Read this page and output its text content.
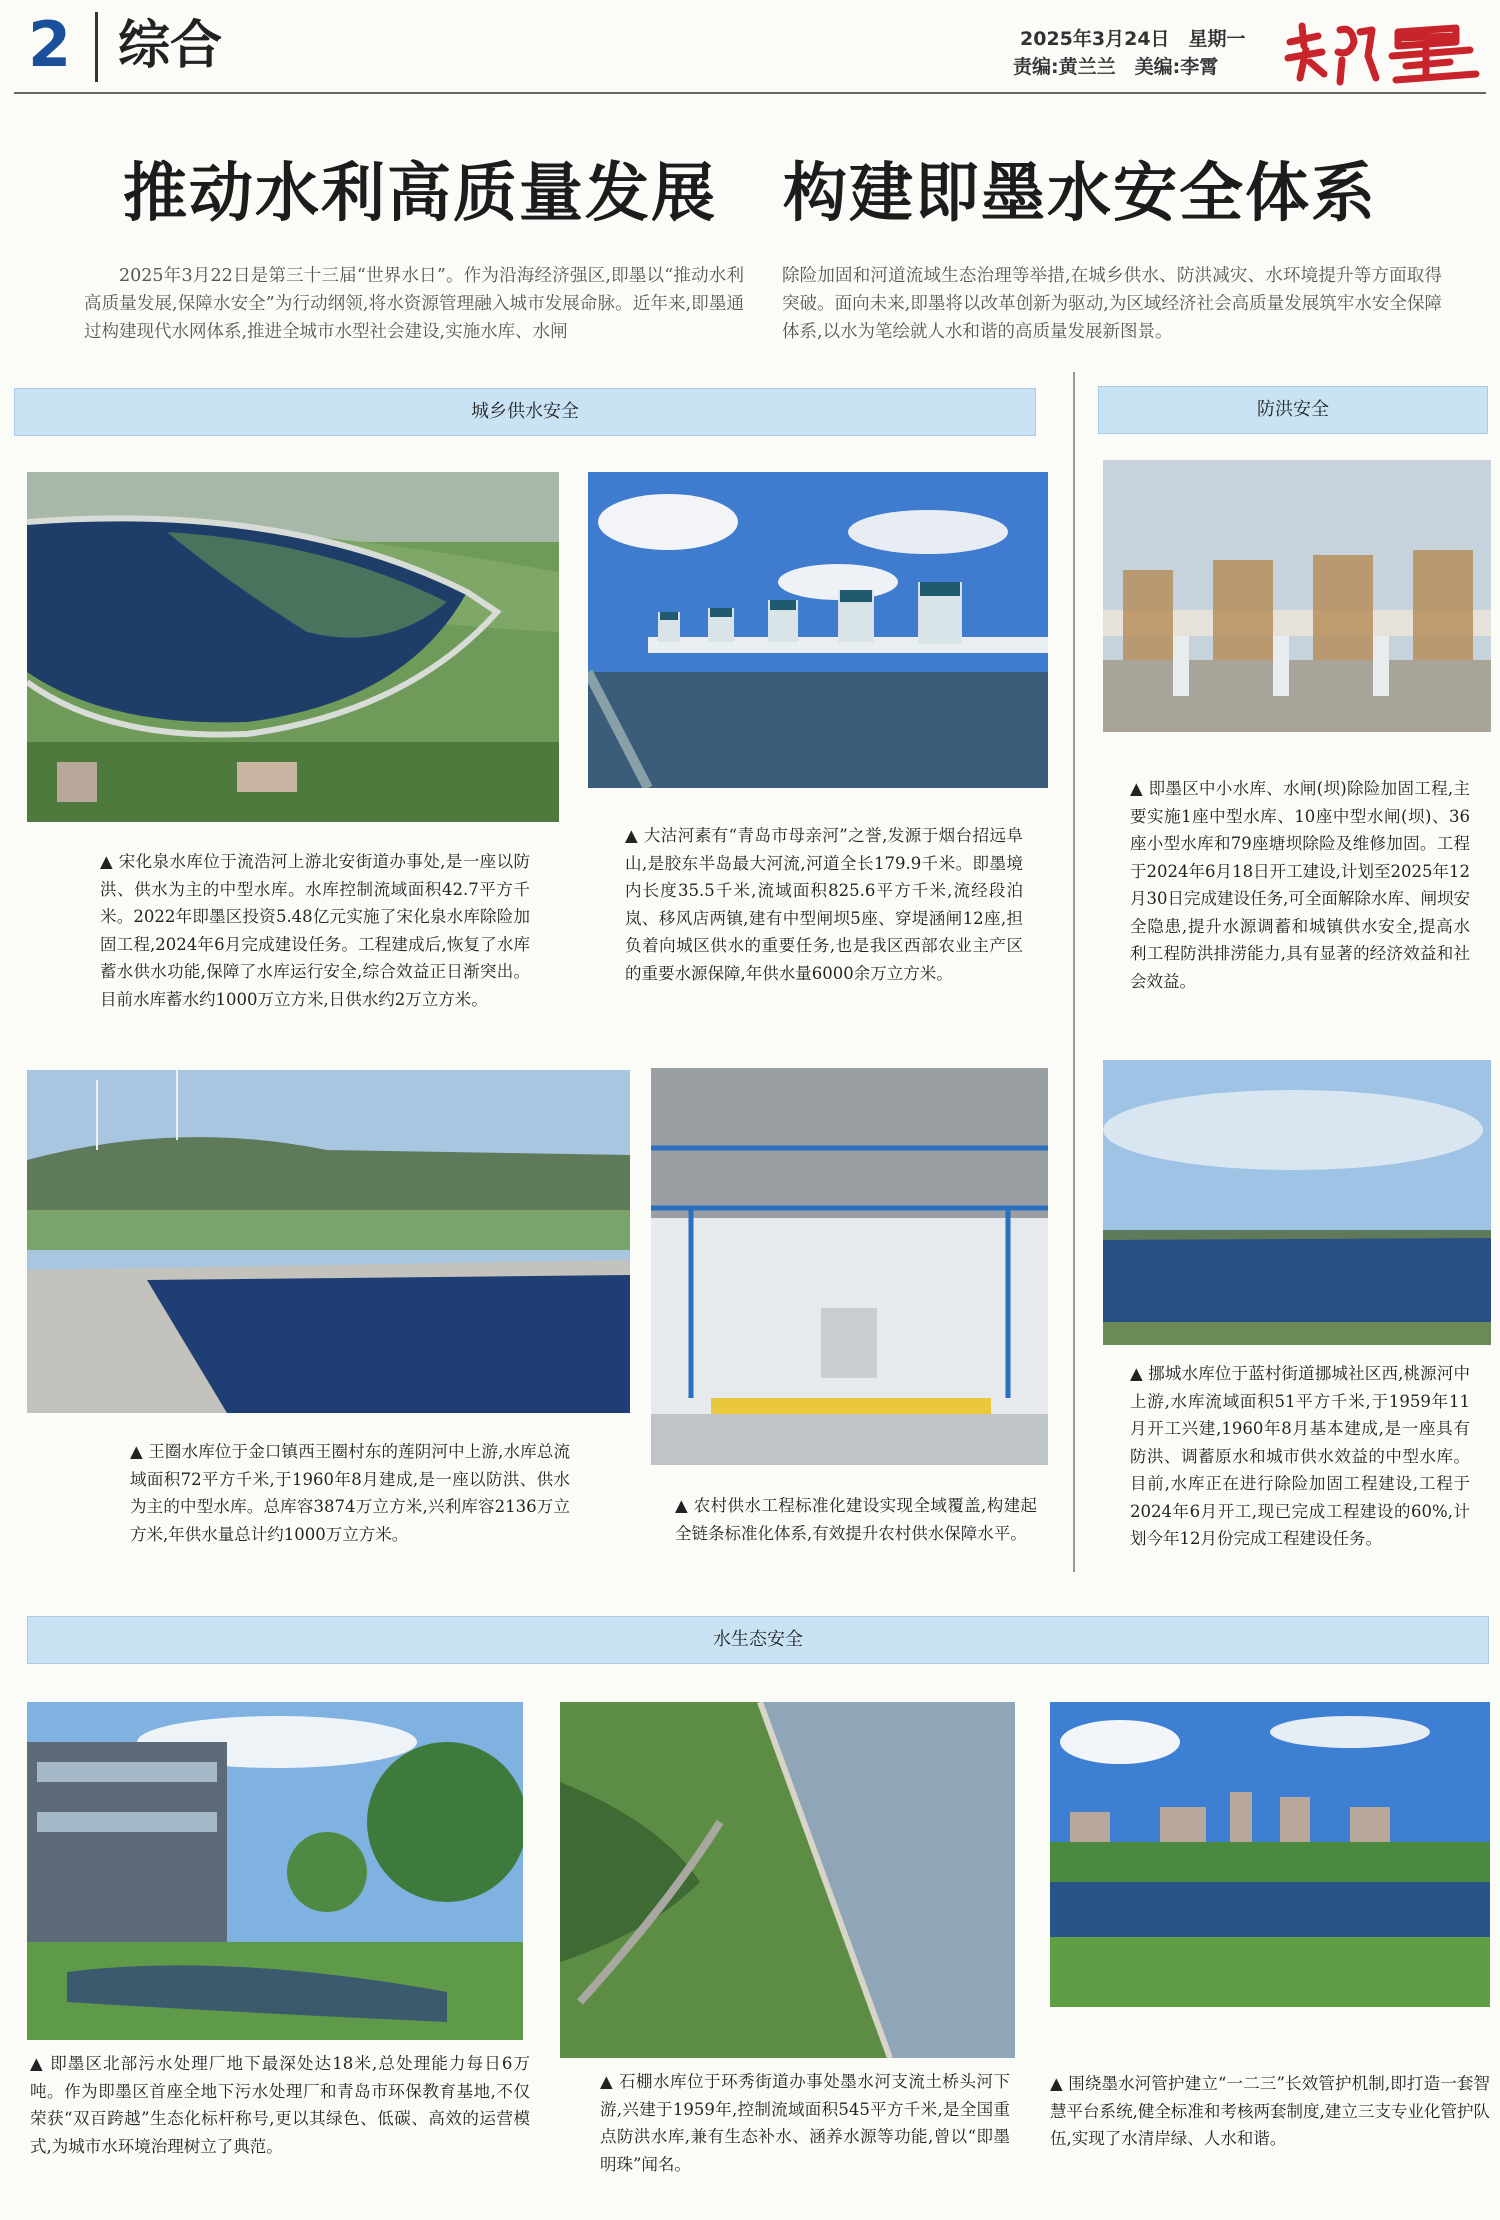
2 综合	2025年3月24日　星期一
责编:黄兰兰　美编:李霄
推动水利高质量发展　构建即墨水安全体系
2025年3月22日是第三十三届“世界水日”。作为沿海经济强区,即墨以“推动水利高质量发展,保障水安全”为行动纲领,将水资源管理融入城市发展命脉。近年来,即墨通过构建现代水网体系,推进全城市水型社会建设,实施水库、水闸
除险加固和河道流域生态治理等举措,在城乡供水、防洪减灾、水环境提升等方面取得突破。面向未来,即墨将以改革创新为驱动,为区域经济社会高质量发展筑牢水安全保障体系,以水为笔绘就人水和谐的高质量发展新图景。
城乡供水安全	防洪安全
▲ 宋化泉水库位于流浩河上游北安街道办事处,是一座以防洪、供水为主的中型水库。水库控制流域面积42.7平方千米。2022年即墨区投资5.48亿元实施了宋化泉水库除险加固工程,2024年6月完成建设任务。工程建成后,恢复了水库蓄水供水功能,保障了水库运行安全,综合效益正日渐突出。目前水库蓄水约1000万立方米,日供水约2万立方米。
▲ 大沽河素有“青岛市母亲河”之誉,发源于烟台招远阜山,是胶东半岛最大河流,河道全长179.9千米。即墨境内长度35.5千米,流域面积825.6平方千米,流经段泊岚、移风店两镇,建有中型闸坝5座、穿堤涵闸12座,担负着向城区供水的重要任务,也是我区西部农业主产区的重要水源保障,年供水量6000余万立方米。
▲ 即墨区中小水库、水闸(坝)除险加固工程,主要实施1座中型水库、10座中型水闸(坝)、36座小型水库和79座塘坝除险及维修加固。工程于2024年6月18日开工建设,计划至2025年12月30日完成建设任务,可全面解除水库、闸坝安全隐患,提升水源调蓄和城镇供水安全,提高水利工程防洪排涝能力,具有显著的经济效益和社会效益。
▲ 王圈水库位于金口镇西王圈村东的莲阴河中上游,水库总流域面积72平方千米,于1960年8月建成,是一座以防洪、供水为主的中型水库。总库容3874万立方米,兴利库容2136万立方米,年供水量总计约1000万立方米。
▲ 农村供水工程标准化建设实现全域覆盖,构建起全链条标准化体系,有效提升农村供水保障水平。
▲ 挪城水库位于蓝村街道挪城社区西,桃源河中上游,水库流域面积51平方千米,于1959年11月开工兴建,1960年8月基本建成,是一座具有防洪、调蓄原水和城市供水效益的中型水库。目前,水库正在进行除险加固工程建设,工程于2024年6月开工,现已完成工程建设的60%,计划今年12月份完成工程建设任务。
水生态安全
▲ 即墨区北部污水处理厂地下最深处达18米,总处理能力每日6万吨。作为即墨区首座全地下污水处理厂和青岛市环保教育基地,不仅荣获“双百跨越”生态化标杆称号,更以其绿色、低碳、高效的运营模式,为城市水环境治理树立了典范。
▲ 石棚水库位于环秀街道办事处墨水河支流土桥头河下游,兴建于1959年,控制流域面积545平方千米,是全国重点防洪水库,兼有生态补水、涵养水源等功能,曾以“即墨明珠”闻名。
▲ 围绕墨水河管护建立“一二三”长效管护机制,即打造一套智慧平台系统,健全标准和考核两套制度,建立三支专业化管护队伍,实现了水清岸绿、人水和谐。
